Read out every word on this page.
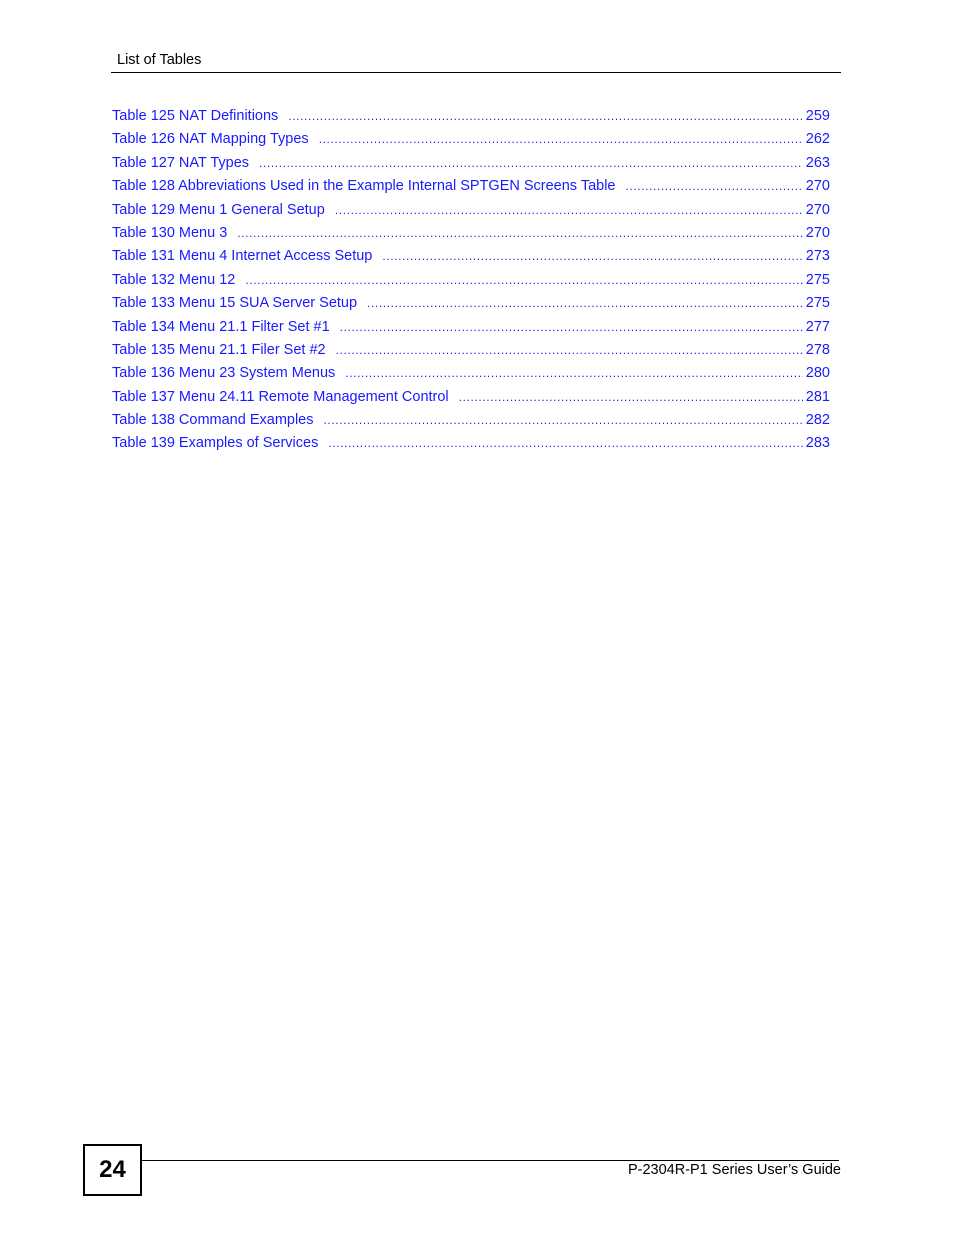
List of Tables
Table 125 NAT Definitions .....	259
Table 126 NAT Mapping Types .....	262
Table 127 NAT Types .....	263
Table 128 Abbreviations Used in the Example Internal SPTGEN Screens Table .....	270
Table 129 Menu 1 General Setup .....	270
Table 130 Menu 3 .....	270
Table 131 Menu 4 Internet Access Setup .....	273
Table 132 Menu 12 .....	275
Table 133 Menu 15 SUA Server Setup .....	275
Table 134 Menu 21.1 Filter Set #1 .....	277
Table 135 Menu 21.1 Filer Set #2 .....	278
Table 136 Menu 23 System Menus .....	280
Table 137 Menu 24.11 Remote Management Control .....	281
Table 138 Command Examples .....	282
Table 139 Examples of Services .....	283
24	P-2304R-P1 Series User’s Guide
